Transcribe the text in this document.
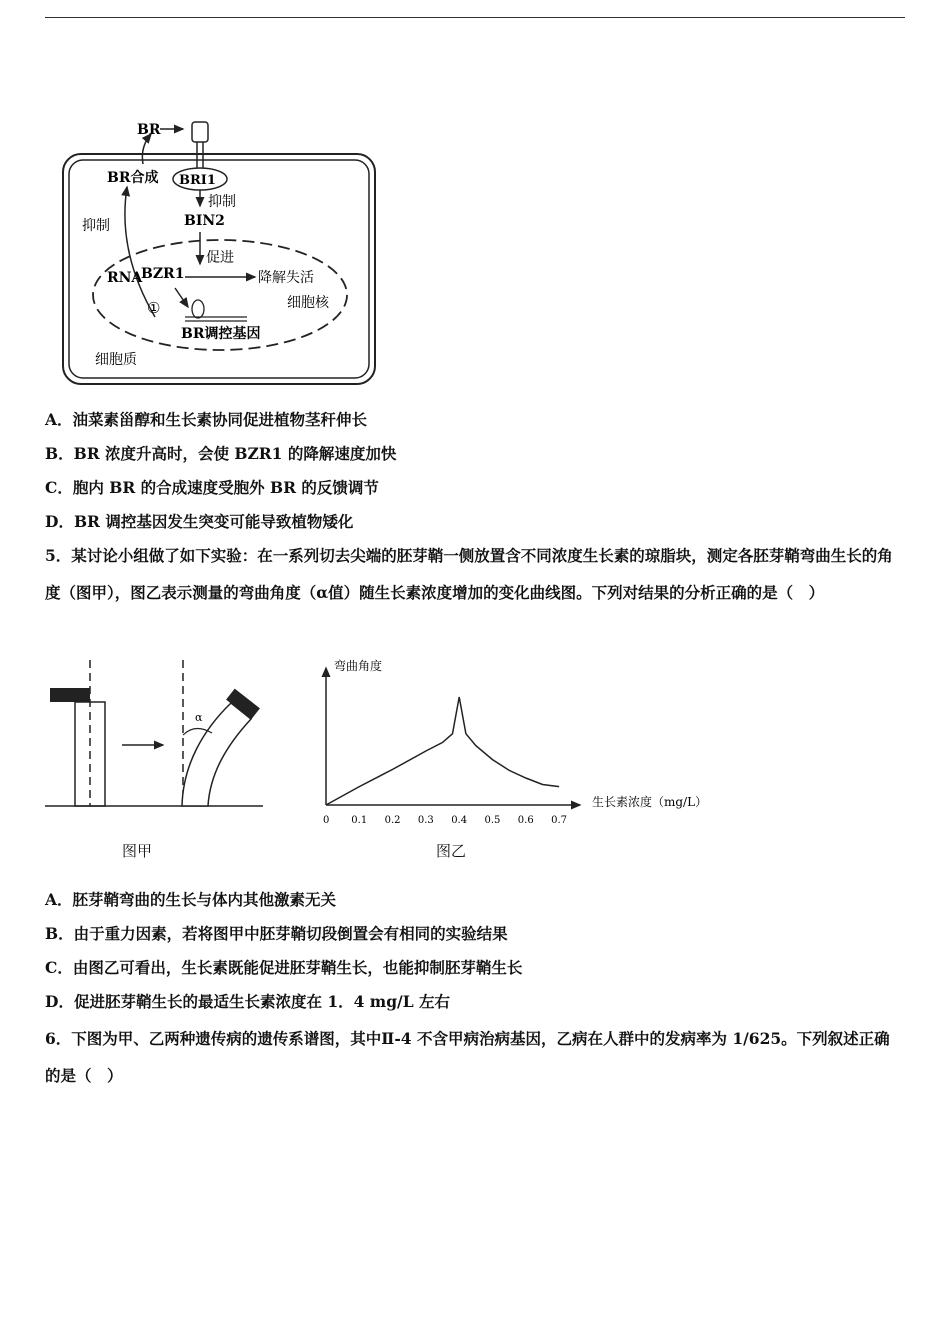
BR
BR合成 BRI1
抑制
BIN2
抑制
促进
BZR1
RNA	降解失活
细胞核
①
BR调控基因
细胞质
A．油菜素甾醇和生长素协同促进植物茎秆伸长
B．BR 浓度升高时，会使 BZR1 的降解速度加快
C．胞内 BR 的合成速度受胞外 BR 的反馈调节
D．BR 调控基因发生突变可能导致植物矮化
5．某讨论小组做了如下实验：在一系列切去尖端的胚芽鞘一侧放置含不同浓度生长素的琼脂块，测定各胚芽鞘弯曲生长的角度（图甲），图乙表示测量的弯曲角度（α值）随生长素浓度增加的变化曲线图。下列对结果的分析正确的是（　）
α
图甲
弯曲角度
生长素浓度（mg/L）
0 0.1 0.2 0.3 0.4 0.5 0.6 0.7
图乙
A．胚芽鞘弯曲的生长与体内其他激素无关
B．由于重力因素，若将图甲中胚芽鞘切段倒置会有相同的实验结果
C．由图乙可看出，生长素既能促进胚芽鞘生长，也能抑制胚芽鞘生长
D．促进胚芽鞘生长的最适生长素浓度在 1．4 mg/L 左右
6．下图为甲、乙两种遗传病的遗传系谱图，其中Ⅱ-4 不含甲病治病基因，乙病在人群中的发病率为 1/625。下列叙述正确的是（　）
